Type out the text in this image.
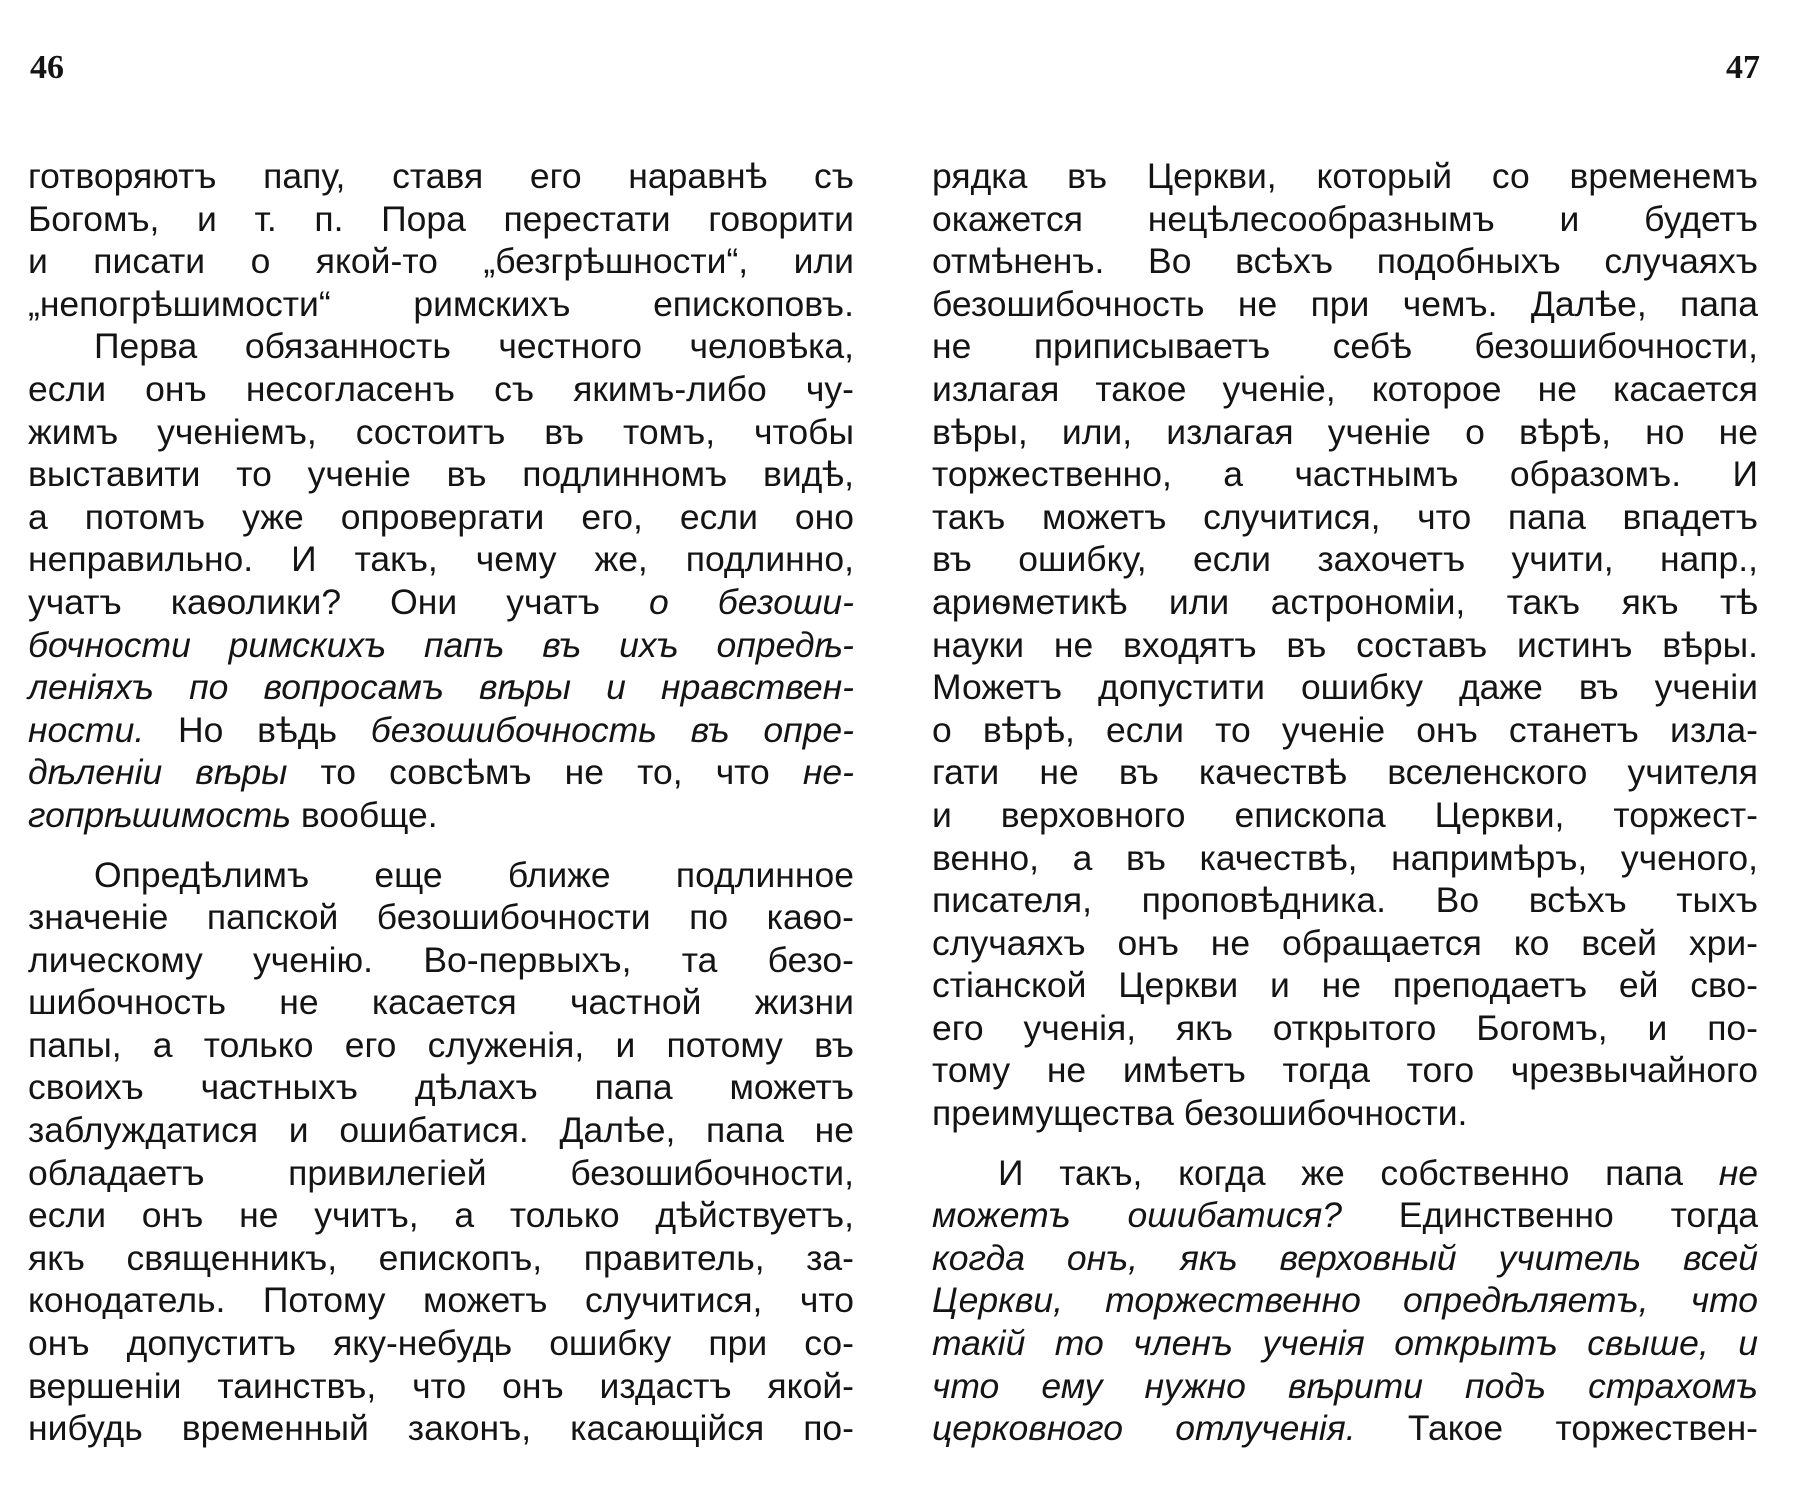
46	47
готворяютъ папу, ставя его наравнѣ съ
Богомъ, и т. п. Пора перестати говорити
и писати о якой-то „безгрѣшности“, или
„непогрѣшимости“ римскихъ епископовъ.
Перва обязанность честного человѣка,
если онъ несогласенъ съ якимъ-либо чу-
жимъ ученiемъ, состоитъ въ томъ, чтобы
выставити то ученie въ подлинномъ видѣ,
а потомъ уже опровергати его, если оно
неправильно. И такъ, чему же, подлинно,
учатъ каѳолики? Они учатъ о безоши-
бочности римскихъ папъ въ ихъ опредѣ-
ленiяхъ по вопросамъ вѣры и нравствен-
ности. Но вѣдь безошибочность въ опре-
дѣленiи вѣры то совсѣмъ не то, что не-
гопрѣшимость вообще.
Опредѣлимъ еще ближе подлинное
значенiе папской безошибочности по каѳо-
лическому ученiю. Во-первыхъ, та безо-
шибочность не касается частной жизни
папы, а только его служенiя, и потому въ
своихъ частныхъ дѣлахъ папа можетъ
заблуждатися и ошибатися. Далѣе, папа не
обладаетъ привилегiей безошибочности,
если онъ не учитъ, а только дѣйствуетъ,
якъ священникъ, епископъ, правитель, за-
конодатель. Потому можетъ случитися, что
онъ допуститъ яку-небудь ошибку при со-
вершенiи таинствъ, что онъ издастъ якой-
нибудь временный законъ, касающiйся по-
рядка въ Церкви, который со временемъ
окажется нецѣлесообразнымъ и будетъ
отмѣненъ. Во всѣхъ подобныхъ случаяхъ
безошибочность не при чемъ. Далѣе, папа
не приписываетъ себѣ безошибочности,
излагая такое ученiе, которое не касается
вѣры, или, излагая ученiе о вѣрѣ, но не
торжественно, а частнымъ образомъ. И
такъ можетъ случитися, что папа впадетъ
въ ошибку, если захочетъ учити, напр.,
ариѳметикѣ или астрономiи, такъ якъ тѣ
науки не входятъ въ составъ истинъ вѣры.
Можетъ допустити ошибку даже въ ученiи
о вѣрѣ, если то ученiе онъ станетъ изла-
гати не въ качествѣ вселенского учителя
и верховного епископа Церкви, торжест-
венно, а въ качествѣ, напримѣръ, ученого,
писателя, проповѣдника. Во всѣхъ тыхъ
случаяхъ онъ не обращается ко всей хри-
стiанской Церкви и не преподаетъ ей сво-
его ученiя, якъ открытого Богомъ, и по-
тому не имѣетъ тогда того чрезвычайного
преимущества безошибочности.
И такъ, когда же собственно папа не
можетъ ошибатися? Единственно тогда
когда онъ, якъ верховный учитель всей
Церкви, торжественно опредѣляетъ, что
такiй то членъ ученiя открытъ свыше, и
что ему нужно вѣрити подъ страхомъ
церковного отлученiя. Такое торжествен-
